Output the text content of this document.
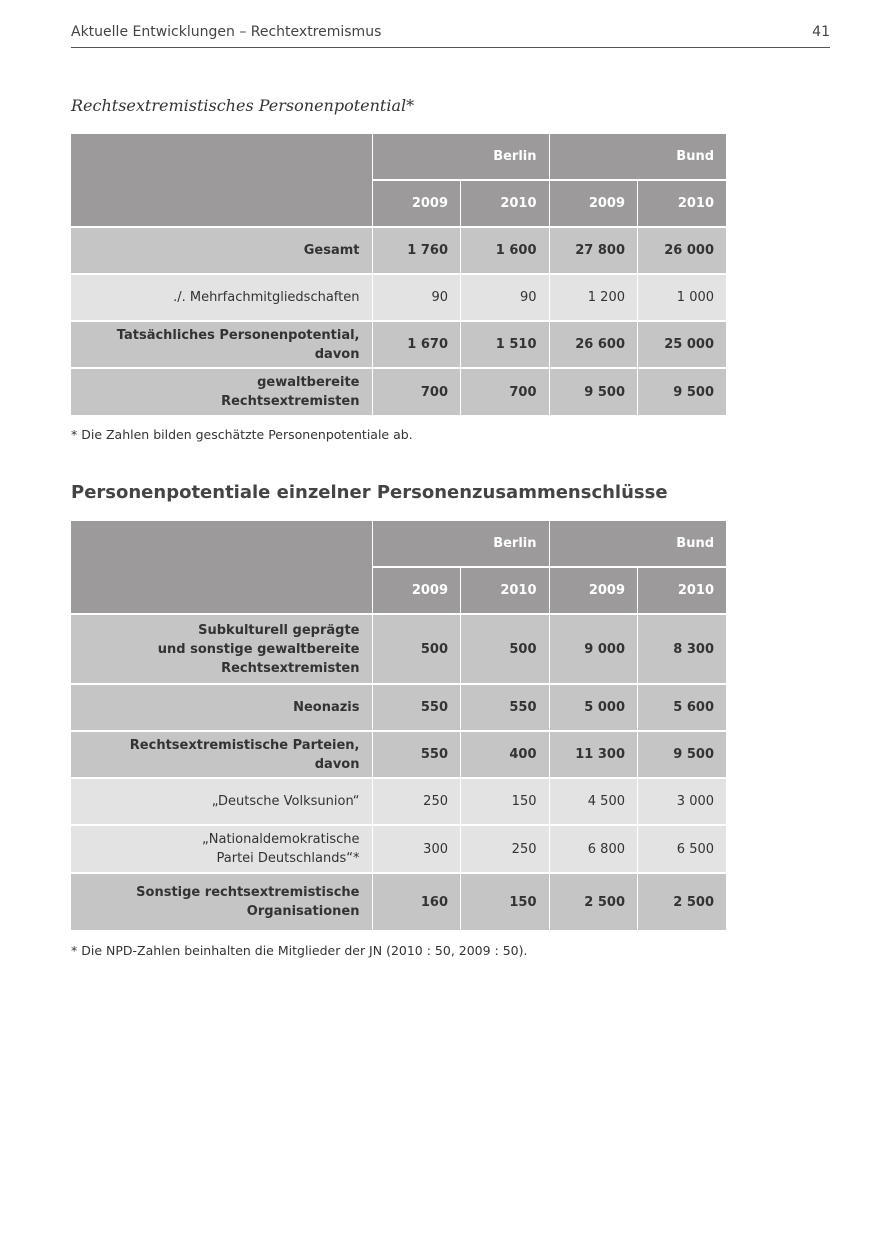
Aktuelle Entwicklungen – Rechtextremismus	41
Rechtsextremistisches Personenpotential*
	Berlin		Bund	
	2009	2010	2009	2010
Gesamt	1 760	1 600	27 800	26 000
./. Mehrfachmitgliedschaften	90	90	1 200	1 000
Tatsächliches Personenpotential, davon	1 670	1 510	26 600	25 000

gewaltbereite
Rechtsextremisten	700	700	9 500	9 500
* Die Zahlen bilden geschätzte Personenpotentiale ab.
Personenpotentiale einzelner Personenzusammenschlüsse
	Berlin		Bund	
	2009	2010	2009	2010

Subkulturell geprägte
und sonstige gewaltbereite
Rechtsextremisten	500	500	9 000	8 300
Neonazis	550	550	5 000	5 600
Rechtsextremistische Parteien, davon	550	400	11 300	9 500
„Deutsche Volksunion“	250	150	4 500	3 000

„Nationaldemokratische
Partei Deutschlands“*	300	250	6 800	6 500

Sonstige rechtsextremistische
Organisationen	160	150	2 500	2 500
* Die NPD-Zahlen beinhalten die Mitglieder der JN (2010 : 50, 2009 : 50).
